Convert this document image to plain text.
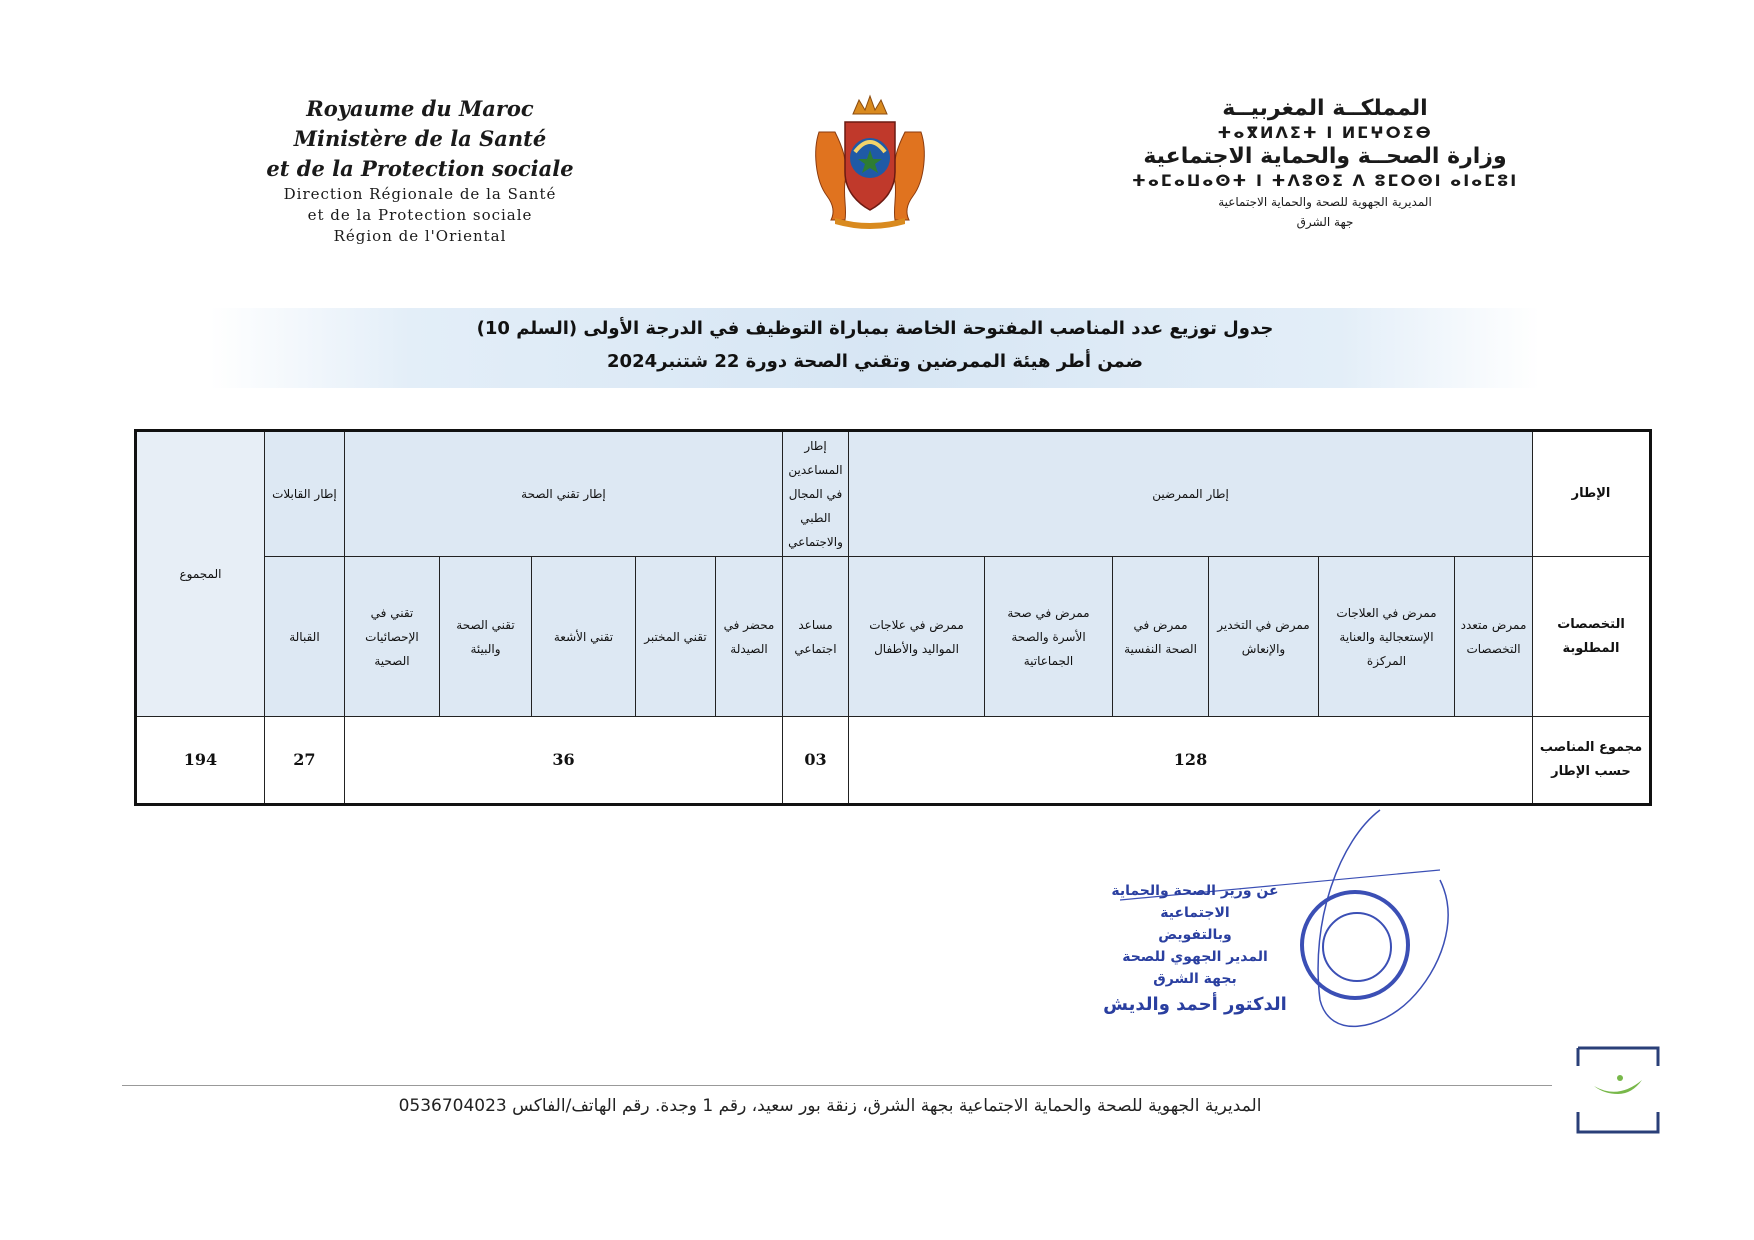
Royaume du Maroc
Ministère de la Santé
et de la Protection sociale
Direction Régionale de la Santé
et de la Protection sociale
Région de l'Oriental
المملكــة المغربيــة
ⵜⴰⴳⵍⴷⵉⵜ ⵏ ⵍⵎⵖⵔⵉⴱ
وزارة الصحــة والحماية الاجتماعية
ⵜⴰⵎⴰⵡⴰⵙⵜ ⵏ ⵜⴷⵓⵙⵉ ⴷ ⵓⵎⵔⵙⵏ ⴰⵏⴰⵎⵓⵏ
المديرية الجهوية للصحة والحماية الاجتماعية
جهة الشرق
جدول توزيع عدد المناصب المفتوحة الخاصة بمباراة التوظيف في الدرجة الأولى (السلم 10)
ضمن أطر هيئة الممرضين وتقني الصحة دورة 22 شتنبر2024
الإطار	إطار الممرضين						إطار المساعدين في المجال الطبي والاجتماعي	إطار تقني الصحة					إطار القابلات	المجموع
التخصصات المطلوبة	ممرض متعدد التخصصات	ممرض في العلاجات الإستعجالية والعناية المركزة	ممرض في التخدير والإنعاش	ممرض في الصحة النفسية	ممرض في صحة الأسرة والصحة الجماعاتية	ممرض في علاجات المواليد والأطفال	مساعد اجتماعي	محضر في الصيدلة	تقني المختبر	تقني الأشعة	تقني الصحة والبيئة	تقني في الإحصائيات الصحية	القبالة	
مجموع المناصب حسب الإطار	128						03	36					27	194
عن وزير الصحة والحماية الاجتماعية
وبالتفويض
المدير الجهوي للصحة
بجهة الشرق
الدكتور أحمد والديش
المديرية الجهوية للصحة والحماية الاجتماعية بجهة الشرق، زنقة بور سعيد، رقم 1 وجدة. رقم الهاتف/الفاكس 0536704023
